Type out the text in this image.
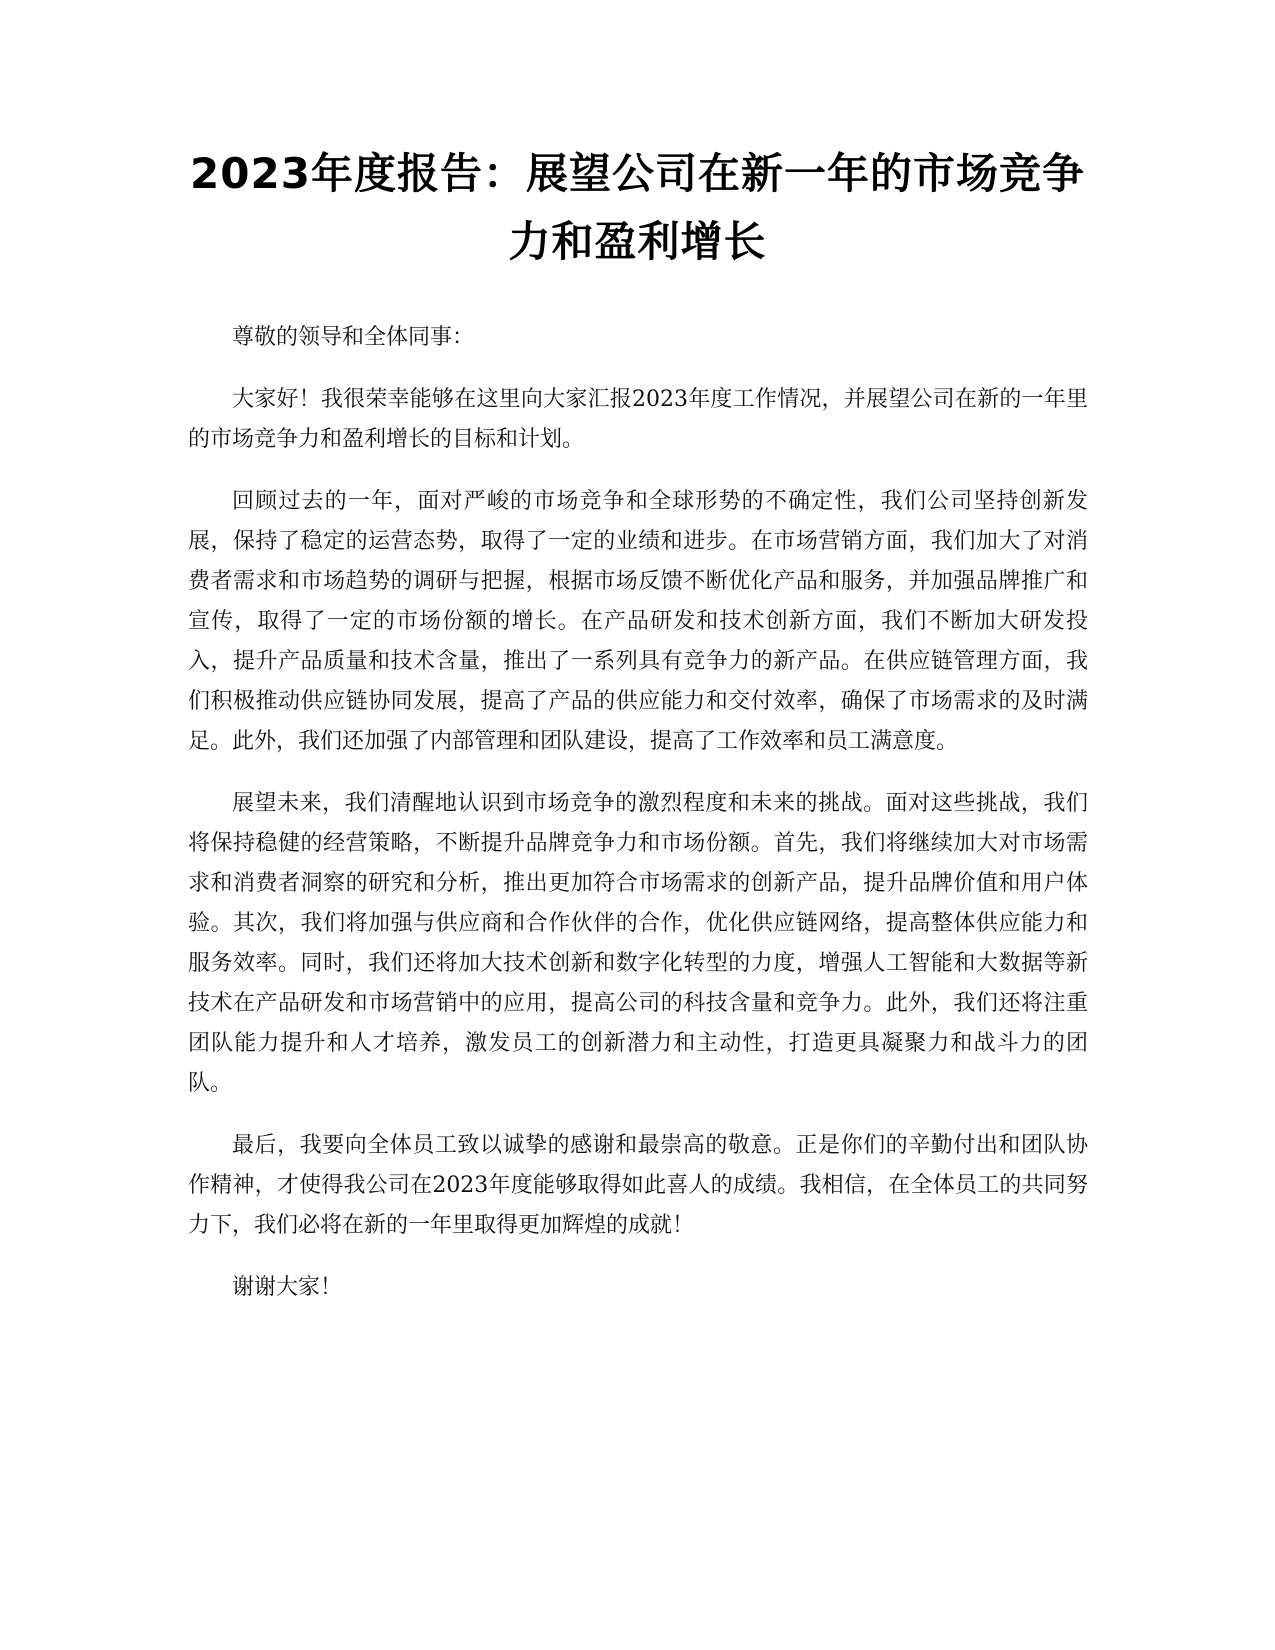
2023年度报告：展望公司在新一年的市场竞争力和盈利增长

尊敬的领导和全体同事：

大家好！我很荣幸能够在这里向大家汇报2023年度工作情况，并展望公司在新的一年里的市场竞争力和盈利增长的目标和计划。

回顾过去的一年，面对严峻的市场竞争和全球形势的不确定性，我们公司坚持创新发展，保持了稳定的运营态势，取得了一定的业绩和进步。在市场营销方面，我们加大了对消费者需求和市场趋势的调研与把握，根据市场反馈不断优化产品和服务，并加强品牌推广和宣传，取得了一定的市场份额的增长。在产品研发和技术创新方面，我们不断加大研发投入，提升产品质量和技术含量，推出了一系列具有竞争力的新产品。在供应链管理方面，我们积极推动供应链协同发展，提高了产品的供应能力和交付效率，确保了市场需求的及时满足。此外，我们还加强了内部管理和团队建设，提高了工作效率和员工满意度。

展望未来，我们清醒地认识到市场竞争的激烈程度和未来的挑战。面对这些挑战，我们将保持稳健的经营策略，不断提升品牌竞争力和市场份额。首先，我们将继续加大对市场需求和消费者洞察的研究和分析，推出更加符合市场需求的创新产品，提升品牌价值和用户体验。其次，我们将加强与供应商和合作伙伴的合作，优化供应链网络，提高整体供应能力和服务效率。同时，我们还将加大技术创新和数字化转型的力度，增强人工智能和大数据等新技术在产品研发和市场营销中的应用，提高公司的科技含量和竞争力。此外，我们还将注重团队能力提升和人才培养，激发员工的创新潜力和主动性，打造更具凝聚力和战斗力的团队。

最后，我要向全体员工致以诚挚的感谢和最崇高的敬意。正是你们的辛勤付出和团队协作精神，才使得我公司在2023年度能够取得如此喜人的成绩。我相信，在全体员工的共同努力下，我们必将在新的一年里取得更加辉煌的成就！

谢谢大家！
